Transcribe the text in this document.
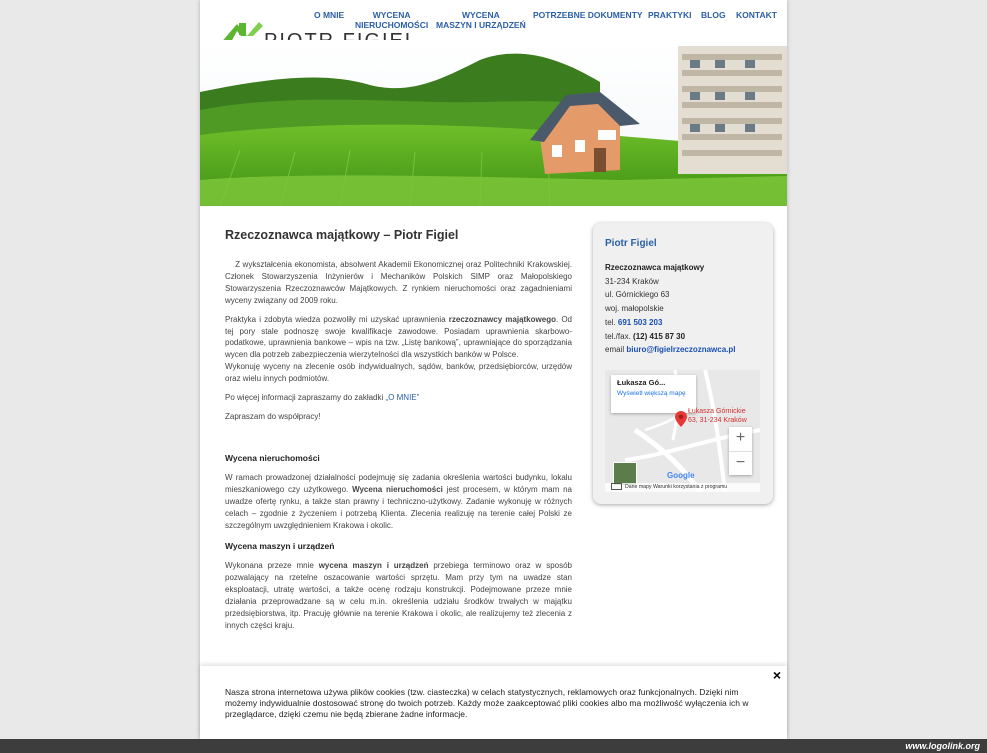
O MNIE	WYCENA
NIERUCHOMOŚCI
WYCENA
MASZYN I URZĄDZEŃ
POTRZEBNE DOKUMENTY PRAKTYKI BLOG KONTAKT
Rzeczoznawca majątkowy – Piotr Figiel

Z wykształcenia ekonomista, absolwent Akademii Ekonomicznej oraz Politechniki Krakowskiej. Członek Stowarzyszenia Inżynierów i Mechaników Polskich SIMP oraz Małopolskiego Stowarzyszenia Rzeczoznawców Majątkowych. Z rynkiem nieruchomości oraz zagadnieniami wyceny związany od 2009 roku.

Praktyka i zdobyta wiedza pozwoliły mi uzyskać uprawnienia rzeczoznawcy majątkowego. Od tej pory stale podnoszę swoje kwalifikacje zawodowe. Posiadam uprawnienia skarbowo-podatkowe, uprawnienia bankowe – wpis na tzw. „Listę bankową”, uprawniające do sporządzania wycen dla potrzeb zabezpieczenia wierzytelności dla wszystkich banków w Polsce.
Wykonuję wyceny na zlecenie osób indywidualnych, sądów, banków, przedsiębiorców, urzędów oraz wielu innych podmiotów.

Po więcej informacji zapraszamy do zakładki „O MNIE”

Zapraszam do współpracy!

Wycena nieruchomości

W ramach prowadzonej działalności podejmuję się zadania określenia wartości budynku, lokalu mieszkaniowego czy użytkowego. Wycena nieruchomości jest procesem, w którym mam na uwadze ofertę rynku, a także stan prawny i techniczno-użytkowy. Zadanie wykonuję w różnych celach – zgodnie z życzeniem i potrzebą Klienta. Zlecenia realizuję na terenie całej Polski ze szczególnym uwzględnieniem Krakowa i okolic.

Wycena maszyn i urządzeń

Wykonana przeze mnie wycena maszyn i urządzeń przebiega terminowo oraz w sposób pozwalający na rzetelne oszacowanie wartości sprzętu. Mam przy tym na uwadze stan eksploatacji, utratę wartości, a także ocenę rodzaju konstrukcji. Podejmowane przeze mnie działania przeprowadzane są w celu m.in. określenia udziału środków trwałych w majątku przedsiębiorstwa, itp. Pracuję głównie na terenie Krakowa i okolic, ale realizujemy też zlecenia z innych części kraju.

Piotr Figiel
Rzeczoznawca majątkowy
31-234 Kraków
ul. Górnickiego 63
woj. małopolskie
tel. 691 503 203
tel./fax. (12) 415 87 30
email biuro@figielrzeczoznawca.pl
Łukasza Gó...
Wyświetl większą mapę
Łukasza Górnickie
63, 31-234 Kraków
+
−
Google
Dane mapy Warunki korzystania z programu
Nasza strona internetowa używa plików cookies (tzw. ciasteczka) w celach statystycznych, reklamowych oraz funkcjonalnych. Dzięki nim możemy indywidualnie dostosować stronę do twoich potrzeb. Każdy może zaakceptować pliki cookies albo ma możliwość wyłączenia ich w przeglądarce, dzięki czemu nie będą zbierane żadne informacje.
×
www.logolink.org
